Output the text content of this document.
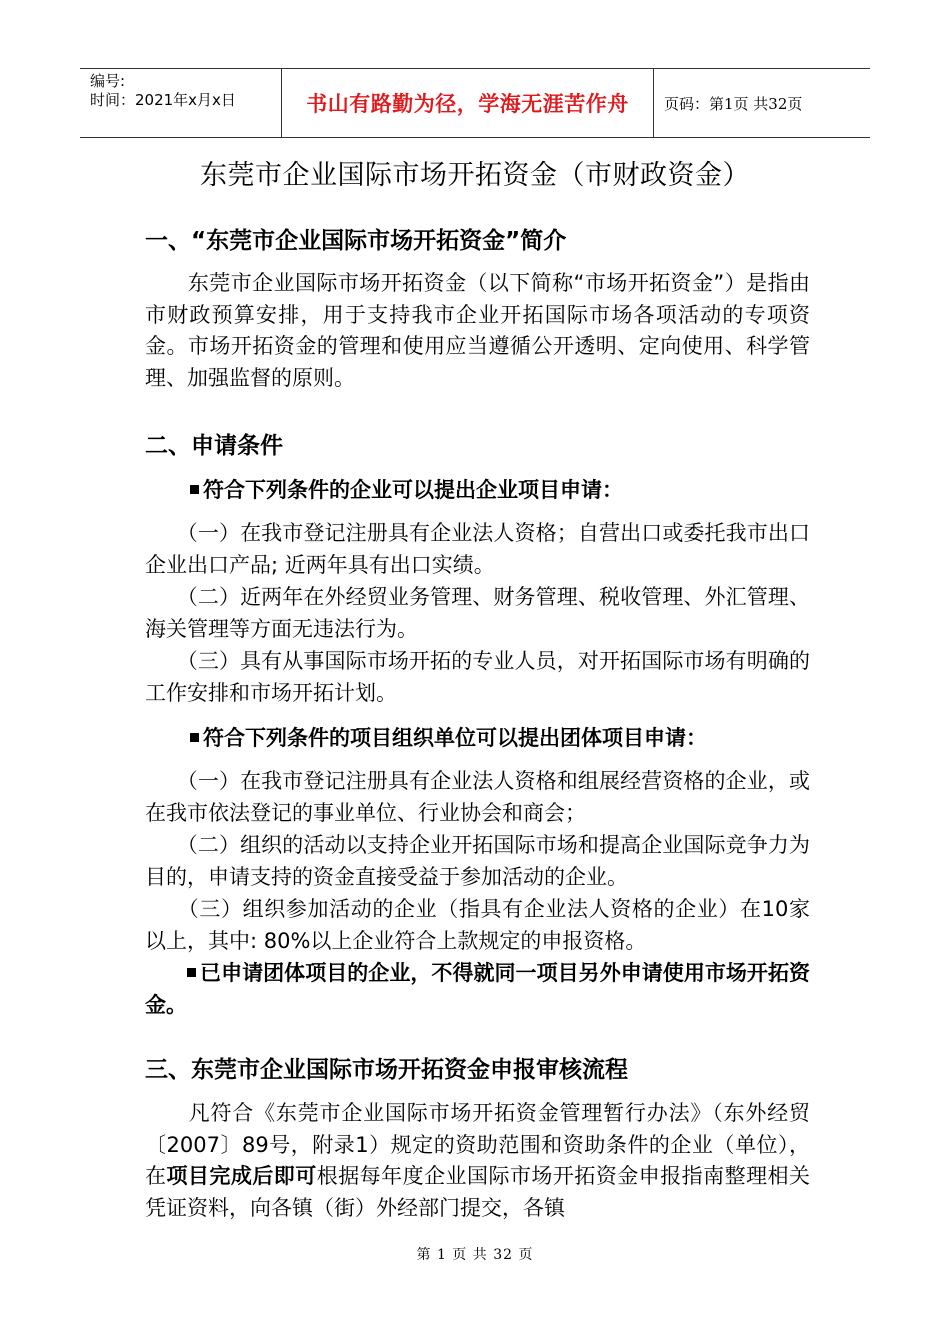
编号:
时间：2021年x月x日	书山有路勤为径，学海无涯苦作舟	页码：第1页 共32页
东莞市企业国际市场开拓资金（市财政资金）
一、“东莞市企业国际市场开拓资金”简介
　　东莞市企业国际市场开拓资金（以下简称“市场开拓资金”）是指由市财政预算安排，用于支持我市企业开拓国际市场各项活动的专项资金。市场开拓资金的管理和使用应当遵循公开透明、定向使用、科学管理、加强监督的原则。
二、申请条件
符合下列条件的企业可以提出企业项目申请：
　　（一）在我市登记注册具有企业法人资格；自营出口或委托我市出口企业出口产品; 近两年具有出口实绩。
　　（二）近两年在外经贸业务管理、财务管理、税收管理、外汇管理、海关管理等方面无违法行为。
　　（三）具有从事国际市场开拓的专业人员，对开拓国际市场有明确的工作安排和市场开拓计划。
符合下列条件的项目组织单位可以提出团体项目申请：
　　（一）在我市登记注册具有企业法人资格和组展经营资格的企业，或在我市依法登记的事业单位、行业协会和商会；
　　（二）组织的活动以支持企业开拓国际市场和提高企业国际竞争力为目的，申请支持的资金直接受益于参加活动的企业。
　　（三）组织参加活动的企业（指具有企业法人资格的企业）在10家以上，其中: 80%以上企业符合上款规定的申报资格。
已申请团体项目的企业，不得就同一项目另外申请使用市场开拓资金。
三、东莞市企业国际市场开拓资金申报审核流程
　　凡符合《东莞市企业国际市场开拓资金管理暂行办法》（东外经贸〔2007〕89号，附录1）规定的资助范围和资助条件的企业（单位），在项目完成后即可根据每年度企业国际市场开拓资金申报指南整理相关凭证资料，向各镇（街）外经部门提交，各镇
第 1 页 共 32 页
